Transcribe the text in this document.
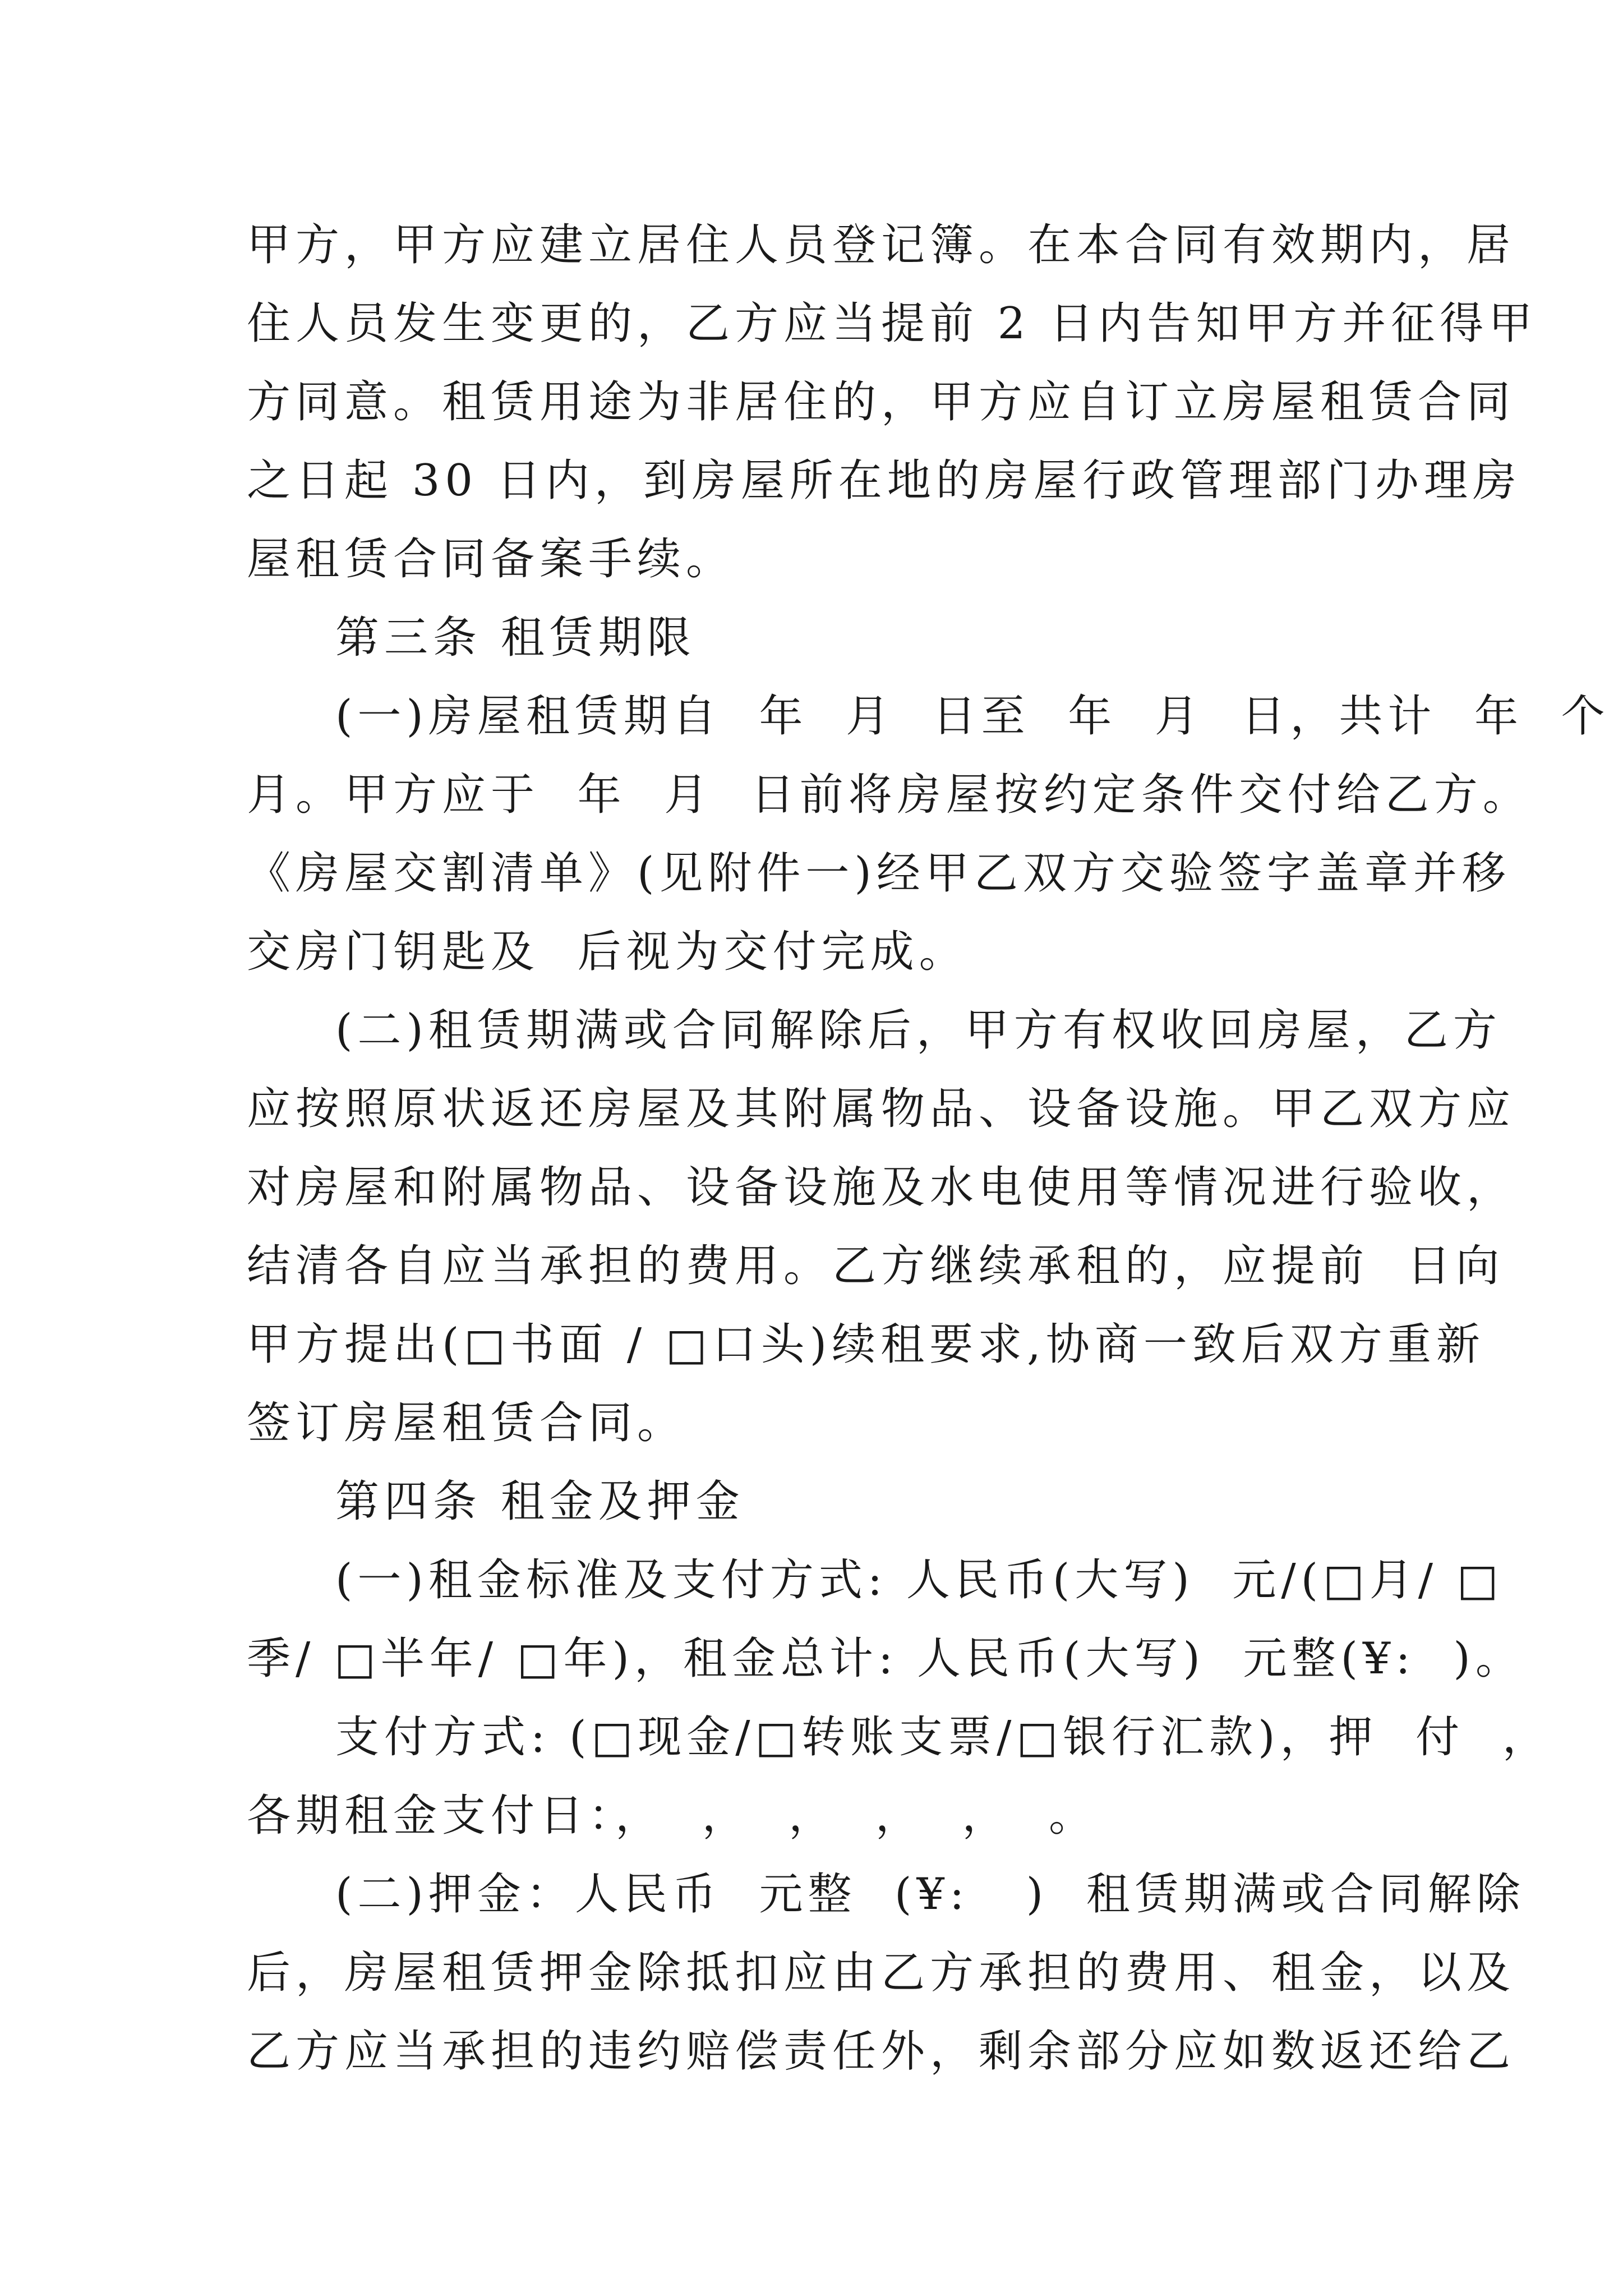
甲方，甲方应建立居住人员登记簿。在本合同有效期内，居
住人员发生变更的，乙方应当提前 2 日内告知甲方并征得甲
方同意。租赁用途为非居住的，甲方应自订立房屋租赁合同
之日起 30 日内，到房屋所在地的房屋行政管理部门办理房
屋租赁合同备案手续。
第三条 租赁期限
(一)房屋租赁期自  年  月  日至  年  月  日，共计  年  个
月。甲方应于  年  月  日前将房屋按约定条件交付给乙方。
《房屋交割清单》(见附件一)经甲乙双方交验签字盖章并移
交房门钥匙及  后视为交付完成。
(二)租赁期满或合同解除后，甲方有权收回房屋，乙方
应按照原状返还房屋及其附属物品、设备设施。甲乙双方应
对房屋和附属物品、设备设施及水电使用等情况进行验收，
结清各自应当承担的费用。乙方继续承租的，应提前  日向
甲方提出(□书面 / □口头)续租要求,协商一致后双方重新
签订房屋租赁合同。
第四条 租金及押金
(一)租金标准及支付方式: 人民币(大写)  元/(□月/ □
季/ □半年/ □年)，租金总计: 人民币(大写)  元整(¥:  )。
支付方式: (□现金/□转账支票/□银行汇款)，押  付  ，
各期租金支付日：，  ，  ，  ，  ，  。
(二)押金：人民币  元整  (¥:   )  租赁期满或合同解除
后，房屋租赁押金除抵扣应由乙方承担的费用、租金，以及
乙方应当承担的违约赔偿责任外，剩余部分应如数返还给乙
